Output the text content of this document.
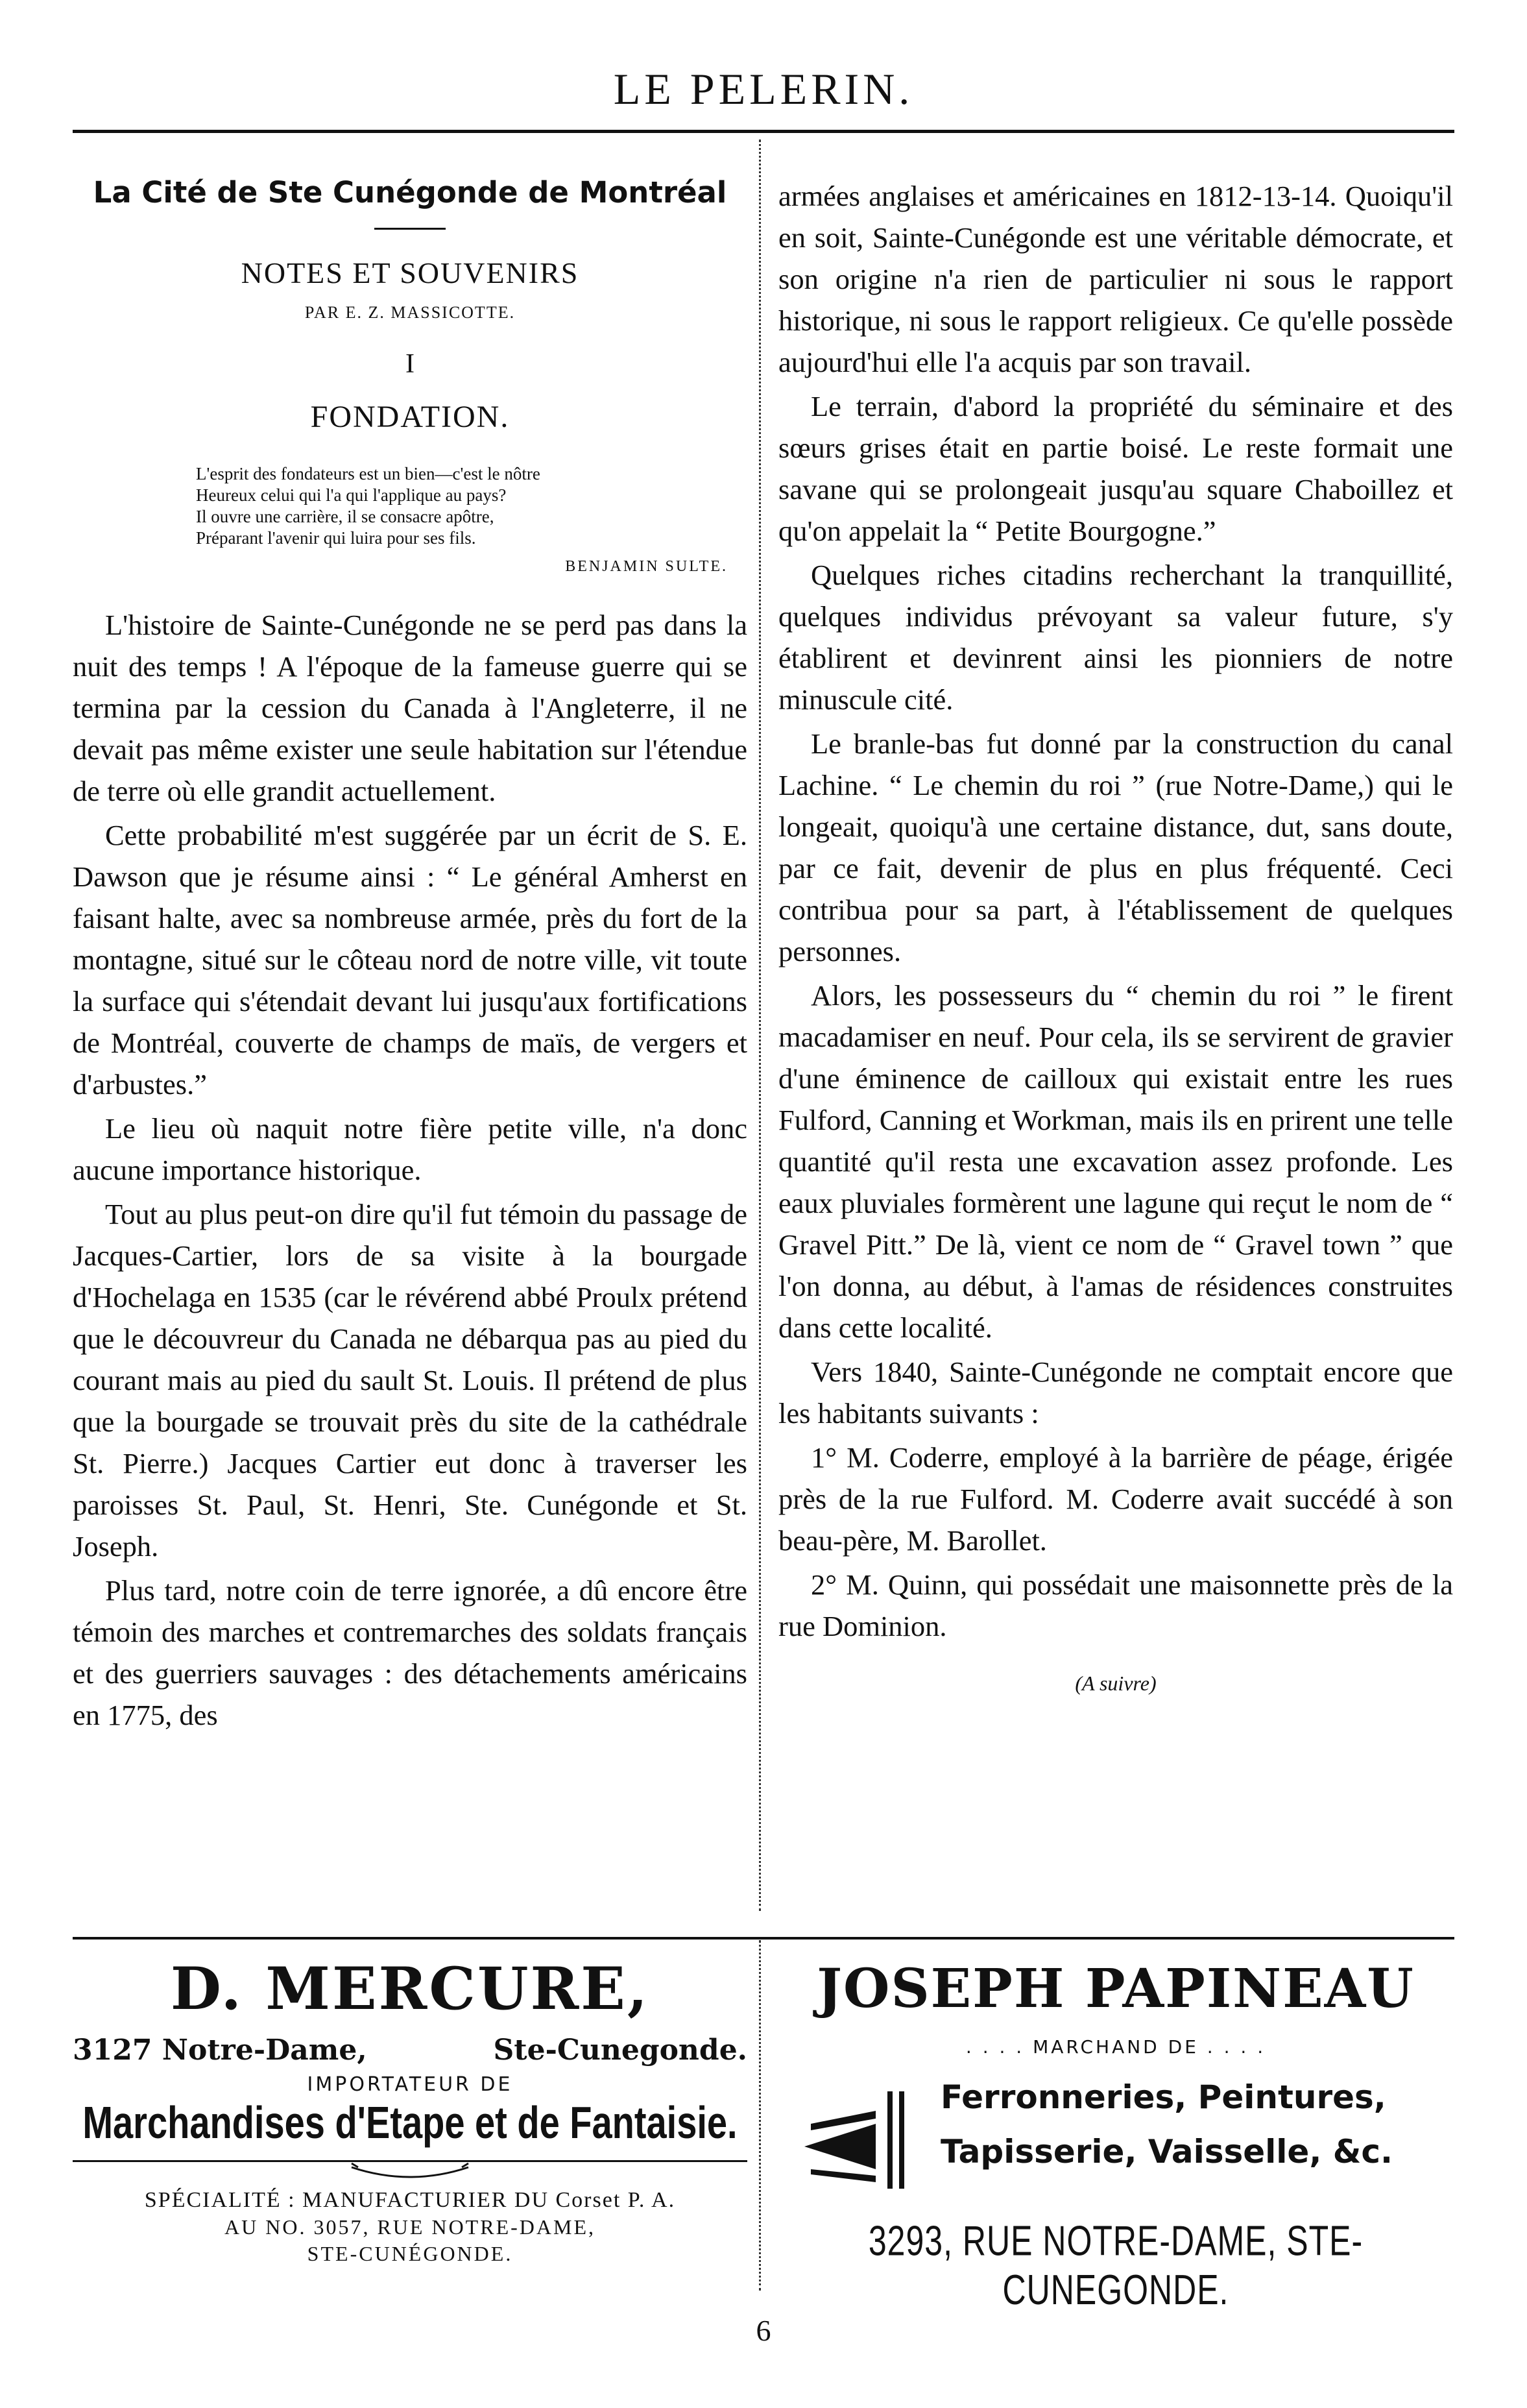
LE PELERIN.
La Cité de Ste Cunégonde de Montréal
NOTES ET SOUVENIRS
PAR E. Z. MASSICOTTE.
I
FONDATION.
L'esprit des fondateurs est un bien—c'est le nôtre
Heureux celui qui l'a qui l'applique au pays?
Il ouvre une carrière, il se consacre apôtre,
Préparant l'avenir qui luira pour ses fils.
BENJAMIN SULTE.

L'histoire de Sainte-Cunégonde ne se perd pas dans la nuit des temps ! A l'époque de la fameuse guerre qui se termina par la cession du Canada à l'Angleterre, il ne devait pas même exister une seule habitation sur l'étendue de terre où elle grandit actuellement.

Cette probabilité m'est suggérée par un écrit de S. E. Dawson que je résume ainsi : “ Le général Amherst en faisant halte, avec sa nombreuse armée, près du fort de la montagne, situé sur le côteau nord de notre ville, vit toute la surface qui s'étendait devant lui jusqu'aux fortifications de Montréal, couverte de champs de maïs, de vergers et d'arbustes.”

Le lieu où naquit notre fière petite ville, n'a donc aucune importance historique.

Tout au plus peut-on dire qu'il fut témoin du passage de Jacques-Cartier, lors de sa visite à la bourgade d'Hochelaga en 1535 (car le révérend abbé Proulx prétend que le découvreur du Canada ne débarqua pas au pied du courant mais au pied du sault St. Louis. Il prétend de plus que la bourgade se trouvait près du site de la cathédrale St. Pierre.) Jacques Cartier eut donc à traverser les paroisses St. Paul, St. Henri, Ste. Cunégonde et St. Joseph.

Plus tard, notre coin de terre ignorée, a dû encore être témoin des marches et contremarches des soldats français et des guerriers sauvages : des détachements américains en 1775, des

armées anglaises et américaines en 1812-13-14. Quoiqu'il en soit, Sainte-Cunégonde est une véritable démocrate, et son origine n'a rien de particulier ni sous le rapport historique, ni sous le rapport religieux. Ce qu'elle possède aujourd'hui elle l'a acquis par son travail.

Le terrain, d'abord la propriété du séminaire et des sœurs grises était en partie boisé. Le reste formait une savane qui se prolongeait jusqu'au square Chaboillez et qu'on appelait la “ Petite Bourgogne.”

Quelques riches citadins recherchant la tranquillité, quelques individus prévoyant sa valeur future, s'y établirent et devinrent ainsi les pionniers de notre minuscule cité.

Le branle-bas fut donné par la construction du canal Lachine. “ Le chemin du roi ” (rue Notre-Dame,) qui le longeait, quoiqu'à une certaine distance, dut, sans doute, par ce fait, devenir de plus en plus fréquenté. Ceci contribua pour sa part, à l'établissement de quelques personnes.

Alors, les possesseurs du “ chemin du roi ” le firent macadamiser en neuf. Pour cela, ils se servirent de gravier d'une éminence de cailloux qui existait entre les rues Fulford, Canning et Workman, mais ils en prirent une telle quantité qu'il resta une excavation assez profonde. Les eaux pluviales formèrent une lagune qui reçut le nom de “ Gravel Pitt.” De là, vient ce nom de “ Gravel town ” que l'on donna, au début, à l'amas de résidences construites dans cette localité.

Vers 1840, Sainte-Cunégonde ne comptait encore que les habitants suivants :

1° M. Coderre, employé à la barrière de péage, érigée près de la rue Fulford. M. Coderre avait succédé à son beau-père, M. Barollet.

2° M. Quinn, qui possédait une maisonnette près de la rue Dominion.

(A suivre)
D. MERCURE,
3127 Notre-Dame,	Ste-Cunegonde.
IMPORTATEUR DE
Marchandises d'Etape et de Fantaisie.
SPÉCIALITÉ : MANUFACTURIER DU Corset P. A.
AU NO. 3057, RUE NOTRE-DAME,
STE-CUNÉGONDE.
JOSEPH PAPINEAU
. . . . MARCHAND DE . . . .
Ferronneries, Peintures,
Tapisserie, Vaisselle, &c.
3293, RUE NOTRE-DAME, STE-CUNEGONDE.
6
